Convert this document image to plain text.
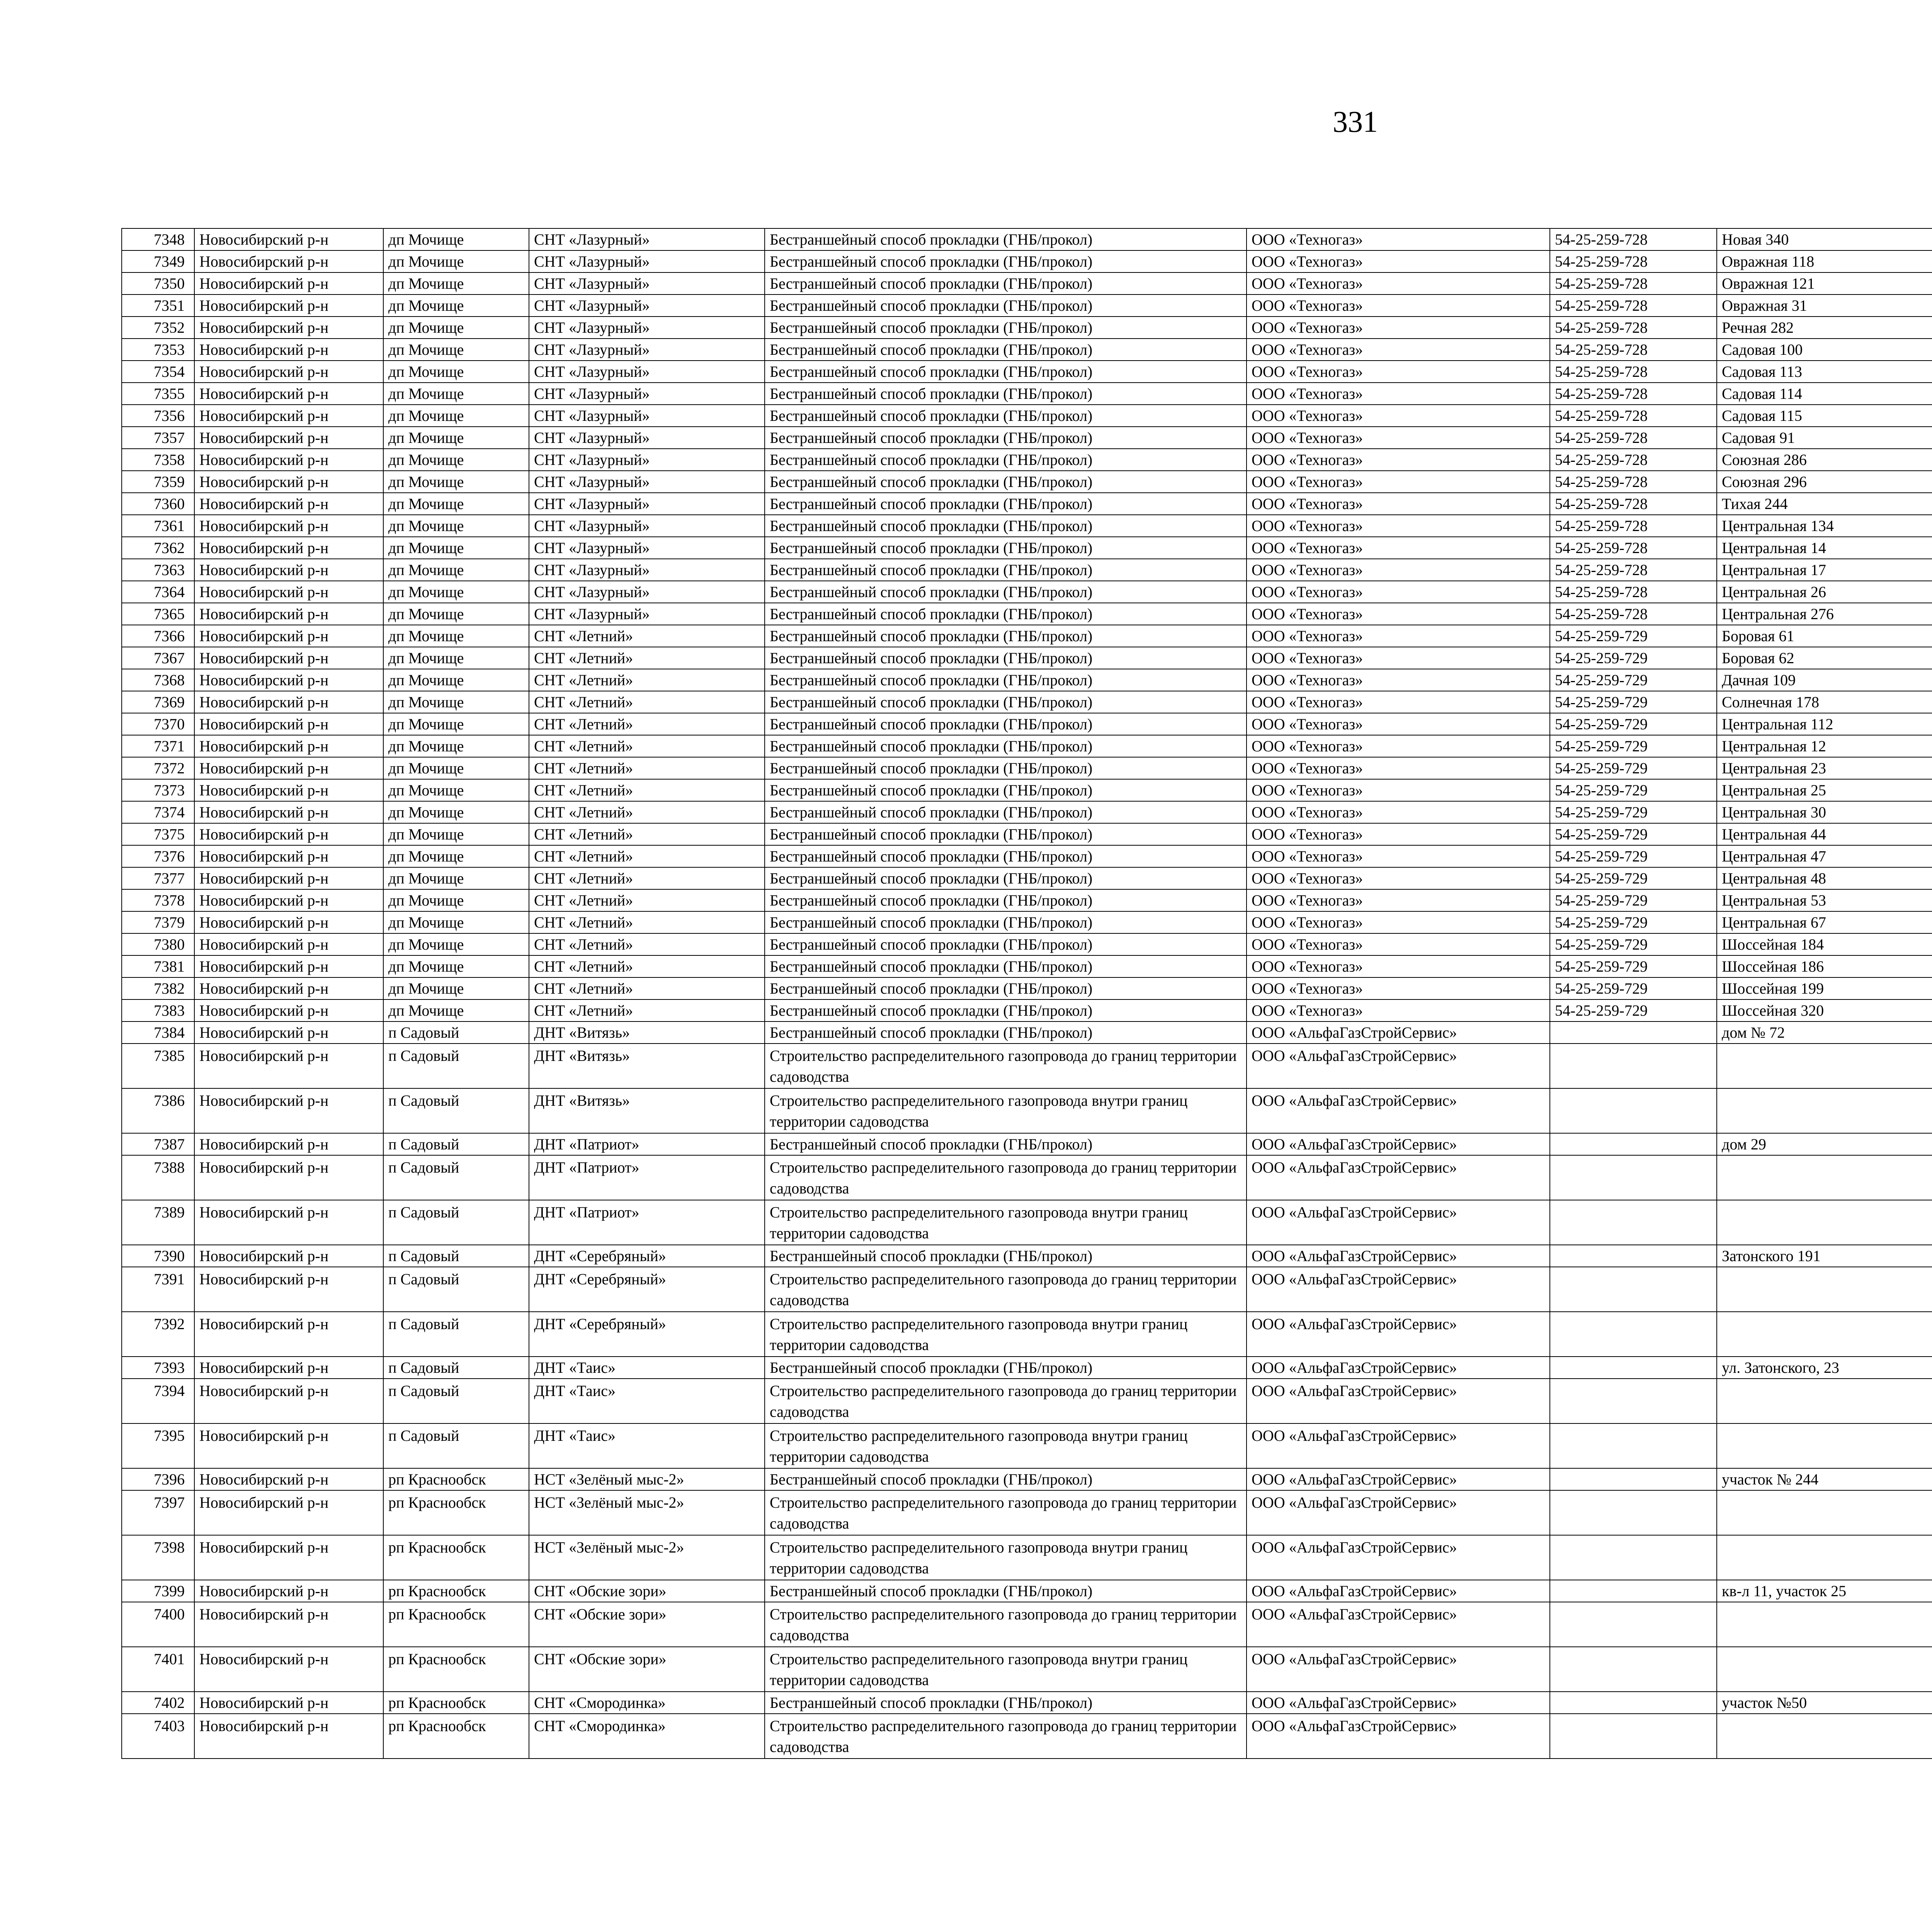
331
7348	Новосибирский р-н	дп Мочище	СНТ «Лазурный»	Бестраншейный способ прокладки (ГНБ/прокол)	ООО «Техногаз»	54-25-259-728	Новая 340					
7349	Новосибирский р-н	дп Мочище	СНТ «Лазурный»	Бестраншейный способ прокладки (ГНБ/прокол)	ООО «Техногаз»	54-25-259-728	Овражная 118					
7350	Новосибирский р-н	дп Мочище	СНТ «Лазурный»	Бестраншейный способ прокладки (ГНБ/прокол)	ООО «Техногаз»	54-25-259-728	Овражная 121					
7351	Новосибирский р-н	дп Мочище	СНТ «Лазурный»	Бестраншейный способ прокладки (ГНБ/прокол)	ООО «Техногаз»	54-25-259-728	Овражная 31					
7352	Новосибирский р-н	дп Мочище	СНТ «Лазурный»	Бестраншейный способ прокладки (ГНБ/прокол)	ООО «Техногаз»	54-25-259-728	Речная 282					
7353	Новосибирский р-н	дп Мочище	СНТ «Лазурный»	Бестраншейный способ прокладки (ГНБ/прокол)	ООО «Техногаз»	54-25-259-728	Садовая 100					
7354	Новосибирский р-н	дп Мочище	СНТ «Лазурный»	Бестраншейный способ прокладки (ГНБ/прокол)	ООО «Техногаз»	54-25-259-728	Садовая 113					
7355	Новосибирский р-н	дп Мочище	СНТ «Лазурный»	Бестраншейный способ прокладки (ГНБ/прокол)	ООО «Техногаз»	54-25-259-728	Садовая 114					
7356	Новосибирский р-н	дп Мочище	СНТ «Лазурный»	Бестраншейный способ прокладки (ГНБ/прокол)	ООО «Техногаз»	54-25-259-728	Садовая 115					
7357	Новосибирский р-н	дп Мочище	СНТ «Лазурный»	Бестраншейный способ прокладки (ГНБ/прокол)	ООО «Техногаз»	54-25-259-728	Садовая 91					
7358	Новосибирский р-н	дп Мочище	СНТ «Лазурный»	Бестраншейный способ прокладки (ГНБ/прокол)	ООО «Техногаз»	54-25-259-728	Союзная 286					
7359	Новосибирский р-н	дп Мочище	СНТ «Лазурный»	Бестраншейный способ прокладки (ГНБ/прокол)	ООО «Техногаз»	54-25-259-728	Союзная 296					
7360	Новосибирский р-н	дп Мочище	СНТ «Лазурный»	Бестраншейный способ прокладки (ГНБ/прокол)	ООО «Техногаз»	54-25-259-728	Тихая 244					
7361	Новосибирский р-н	дп Мочище	СНТ «Лазурный»	Бестраншейный способ прокладки (ГНБ/прокол)	ООО «Техногаз»	54-25-259-728	Центральная 134					
7362	Новосибирский р-н	дп Мочище	СНТ «Лазурный»	Бестраншейный способ прокладки (ГНБ/прокол)	ООО «Техногаз»	54-25-259-728	Центральная 14					
7363	Новосибирский р-н	дп Мочище	СНТ «Лазурный»	Бестраншейный способ прокладки (ГНБ/прокол)	ООО «Техногаз»	54-25-259-728	Центральная 17					
7364	Новосибирский р-н	дп Мочище	СНТ «Лазурный»	Бестраншейный способ прокладки (ГНБ/прокол)	ООО «Техногаз»	54-25-259-728	Центральная 26					
7365	Новосибирский р-н	дп Мочище	СНТ «Лазурный»	Бестраншейный способ прокладки (ГНБ/прокол)	ООО «Техногаз»	54-25-259-728	Центральная 276					
7366	Новосибирский р-н	дп Мочище	СНТ «Летний»	Бестраншейный способ прокладки (ГНБ/прокол)	ООО «Техногаз»	54-25-259-729	Боровая 61					
7367	Новосибирский р-н	дп Мочище	СНТ «Летний»	Бестраншейный способ прокладки (ГНБ/прокол)	ООО «Техногаз»	54-25-259-729	Боровая 62					
7368	Новосибирский р-н	дп Мочище	СНТ «Летний»	Бестраншейный способ прокладки (ГНБ/прокол)	ООО «Техногаз»	54-25-259-729	Дачная 109					
7369	Новосибирский р-н	дп Мочище	СНТ «Летний»	Бестраншейный способ прокладки (ГНБ/прокол)	ООО «Техногаз»	54-25-259-729	Солнечная 178					
7370	Новосибирский р-н	дп Мочище	СНТ «Летний»	Бестраншейный способ прокладки (ГНБ/прокол)	ООО «Техногаз»	54-25-259-729	Центральная 112					
7371	Новосибирский р-н	дп Мочище	СНТ «Летний»	Бестраншейный способ прокладки (ГНБ/прокол)	ООО «Техногаз»	54-25-259-729	Центральная 12					
7372	Новосибирский р-н	дп Мочище	СНТ «Летний»	Бестраншейный способ прокладки (ГНБ/прокол)	ООО «Техногаз»	54-25-259-729	Центральная 23					
7373	Новосибирский р-н	дп Мочище	СНТ «Летний»	Бестраншейный способ прокладки (ГНБ/прокол)	ООО «Техногаз»	54-25-259-729	Центральная 25					
7374	Новосибирский р-н	дп Мочище	СНТ «Летний»	Бестраншейный способ прокладки (ГНБ/прокол)	ООО «Техногаз»	54-25-259-729	Центральная 30					
7375	Новосибирский р-н	дп Мочище	СНТ «Летний»	Бестраншейный способ прокладки (ГНБ/прокол)	ООО «Техногаз»	54-25-259-729	Центральная 44					
7376	Новосибирский р-н	дп Мочище	СНТ «Летний»	Бестраншейный способ прокладки (ГНБ/прокол)	ООО «Техногаз»	54-25-259-729	Центральная 47					
7377	Новосибирский р-н	дп Мочище	СНТ «Летний»	Бестраншейный способ прокладки (ГНБ/прокол)	ООО «Техногаз»	54-25-259-729	Центральная 48					
7378	Новосибирский р-н	дп Мочище	СНТ «Летний»	Бестраншейный способ прокладки (ГНБ/прокол)	ООО «Техногаз»	54-25-259-729	Центральная 53					
7379	Новосибирский р-н	дп Мочище	СНТ «Летний»	Бестраншейный способ прокладки (ГНБ/прокол)	ООО «Техногаз»	54-25-259-729	Центральная 67					
7380	Новосибирский р-н	дп Мочище	СНТ «Летний»	Бестраншейный способ прокладки (ГНБ/прокол)	ООО «Техногаз»	54-25-259-729	Шоссейная 184					
7381	Новосибирский р-н	дп Мочище	СНТ «Летний»	Бестраншейный способ прокладки (ГНБ/прокол)	ООО «Техногаз»	54-25-259-729	Шоссейная 186					
7382	Новосибирский р-н	дп Мочище	СНТ «Летний»	Бестраншейный способ прокладки (ГНБ/прокол)	ООО «Техногаз»	54-25-259-729	Шоссейная 199					
7383	Новосибирский р-н	дп Мочище	СНТ «Летний»	Бестраншейный способ прокладки (ГНБ/прокол)	ООО «Техногаз»	54-25-259-729	Шоссейная 320					
7384	Новосибирский р-н	п Садовый	ДНТ «Витязь»	Бестраншейный способ прокладки (ГНБ/прокол)	ООО «АльфаГазСтройСервис»		дом № 72					
7385	Новосибирский р-н	п Садовый	ДНТ «Витязь»	Строительство распределительного газопровода до границ территории садоводства	ООО «АльфаГазСтройСервис»							
7386	Новосибирский р-н	п Садовый	ДНТ «Витязь»	Строительство распределительного газопровода внутри границ территории садоводства	ООО «АльфаГазСтройСервис»							
7387	Новосибирский р-н	п Садовый	ДНТ «Патриот»	Бестраншейный способ прокладки (ГНБ/прокол)	ООО «АльфаГазСтройСервис»		дом 29					
7388	Новосибирский р-н	п Садовый	ДНТ «Патриот»	Строительство распределительного газопровода до границ территории садоводства	ООО «АльфаГазСтройСервис»							
7389	Новосибирский р-н	п Садовый	ДНТ «Патриот»	Строительство распределительного газопровода внутри границ территории садоводства	ООО «АльфаГазСтройСервис»							
7390	Новосибирский р-н	п Садовый	ДНТ «Серебряный»	Бестраншейный способ прокладки (ГНБ/прокол)	ООО «АльфаГазСтройСервис»		Затонского 191					
7391	Новосибирский р-н	п Садовый	ДНТ «Серебряный»	Строительство распределительного газопровода до границ территории садоводства	ООО «АльфаГазСтройСервис»							
7392	Новосибирский р-н	п Садовый	ДНТ «Серебряный»	Строительство распределительного газопровода внутри границ территории садоводства	ООО «АльфаГазСтройСервис»							
7393	Новосибирский р-н	п Садовый	ДНТ «Таис»	Бестраншейный способ прокладки (ГНБ/прокол)	ООО «АльфаГазСтройСервис»		ул. Затонского, 23					
7394	Новосибирский р-н	п Садовый	ДНТ «Таис»	Строительство распределительного газопровода до границ территории садоводства	ООО «АльфаГазСтройСервис»							
7395	Новосибирский р-н	п Садовый	ДНТ «Таис»	Строительство распределительного газопровода внутри границ территории садоводства	ООО «АльфаГазСтройСервис»							
7396	Новосибирский р-н	рп Краснообск	НСТ «Зелёный мыс-2»	Бестраншейный способ прокладки (ГНБ/прокол)	ООО «АльфаГазСтройСервис»		участок № 244					
7397	Новосибирский р-н	рп Краснообск	НСТ «Зелёный мыс-2»	Строительство распределительного газопровода до границ территории садоводства	ООО «АльфаГазСтройСервис»							
7398	Новосибирский р-н	рп Краснообск	НСТ «Зелёный мыс-2»	Строительство распределительного газопровода внутри границ территории садоводства	ООО «АльфаГазСтройСервис»							
7399	Новосибирский р-н	рп Краснообск	СНТ «Обские зори»	Бестраншейный способ прокладки (ГНБ/прокол)	ООО «АльфаГазСтройСервис»		кв-л 11, участок 25					
7400	Новосибирский р-н	рп Краснообск	СНТ «Обские зори»	Строительство распределительного газопровода до границ территории садоводства	ООО «АльфаГазСтройСервис»							
7401	Новосибирский р-н	рп Краснообск	СНТ «Обские зори»	Строительство распределительного газопровода внутри границ территории садоводства	ООО «АльфаГазСтройСервис»							
7402	Новосибирский р-н	рп Краснообск	СНТ «Смородинка»	Бестраншейный способ прокладки (ГНБ/прокол)	ООО «АльфаГазСтройСервис»		участок №50					
7403	Новосибирский р-н	рп Краснообск	СНТ «Смородинка»	Строительство распределительного газопровода до границ территории садоводства	ООО «АльфаГазСтройСервис»							
